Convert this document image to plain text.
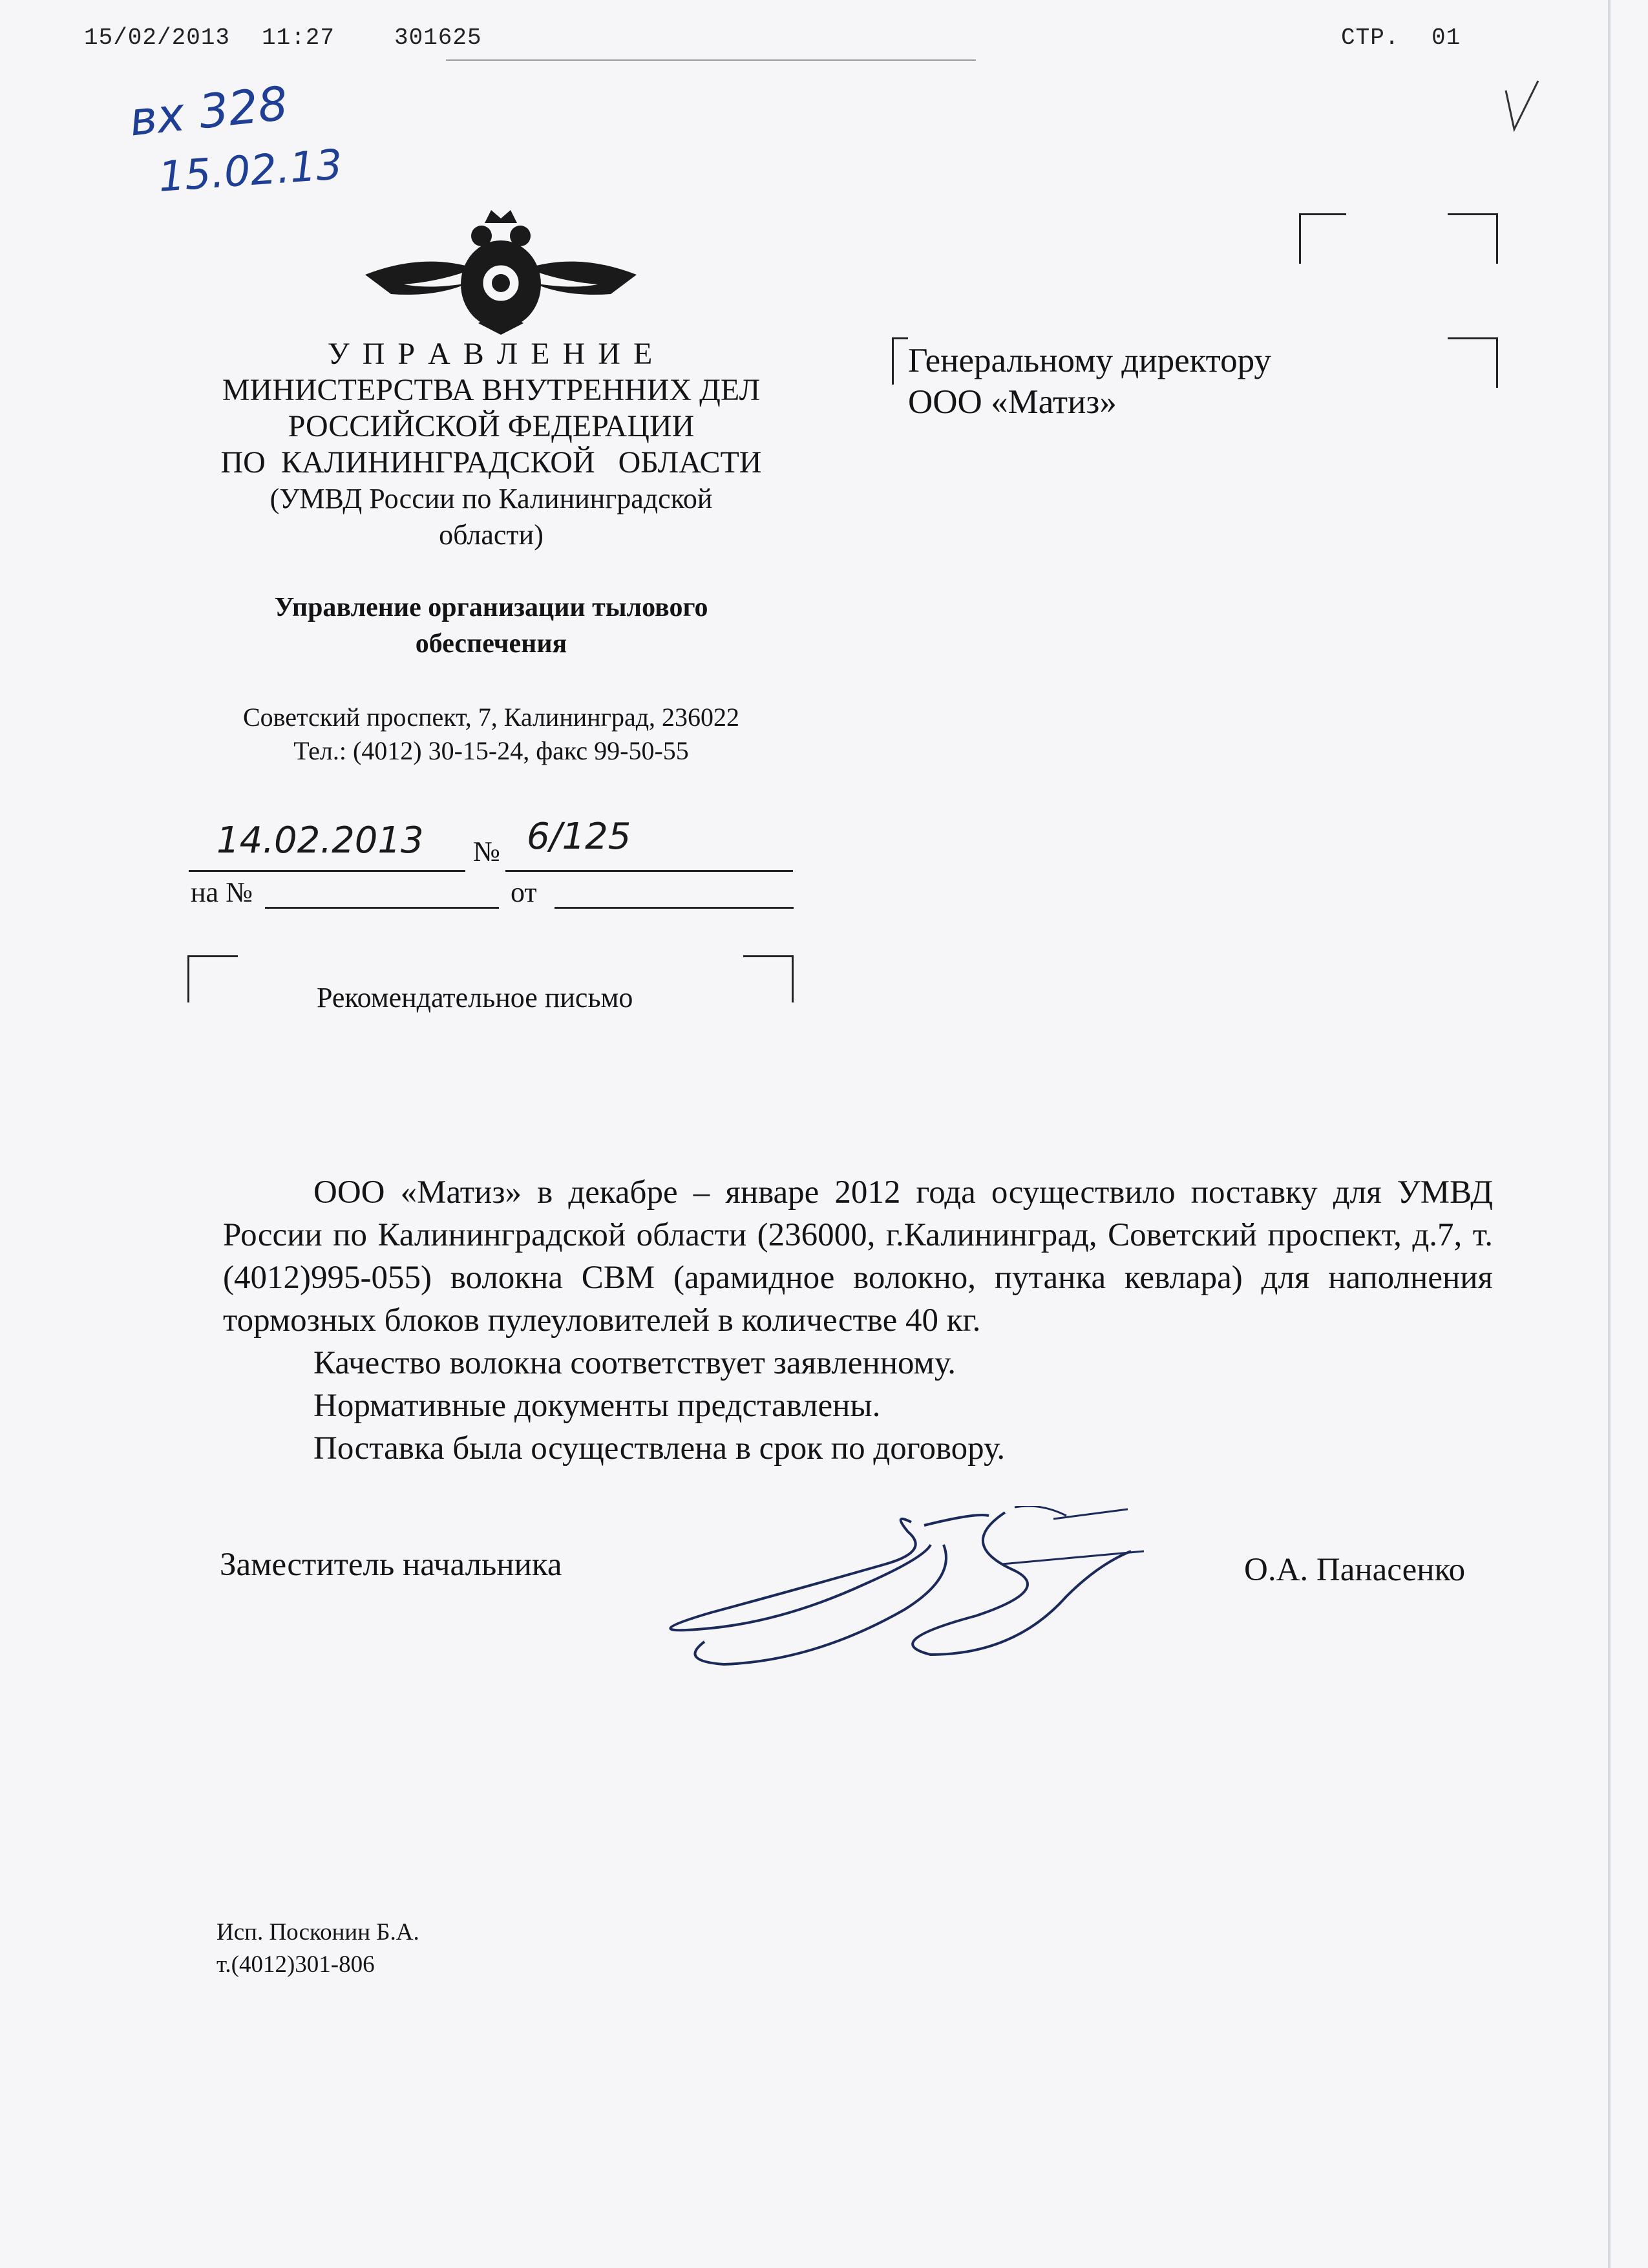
15/02/2013 11:27	301625	СТР. 01
вх 328
15.02.13
У П Р А В Л Е Н И Е
МИНИСТЕРСТВА ВНУТРЕННИХ ДЕЛ
РОССИЙСКОЙ ФЕДЕРАЦИИ
ПО  КАЛИНИНГРАДСКОЙ   ОБЛАСТИ
(УМВД России по Калининградской
области)
Управление организации тылового
обеспечения
Советский проспект, 7, Калининград, 236022
Тел.: (4012) 30-15-24, факс 99-50-55
14.02.2013 № 6/125
на №	от
Рекомендательное письмо
Генеральному директору
ООО «Матиз»
ООО «Матиз» в декабре – январе 2012 года осуществило поставку для УМВД России по Калининградской области (236000, г.Калининград, Советский проспект, д.7, т.(4012)995-055) волокна СВМ (арамидное волокно, путанка кевлара) для наполнения тормозных блоков пулеуловителей в количестве 40 кг.
Качество волокна соответствует заявленному.
Нормативные документы представлены.
Поставка была осуществлена в срок по договору.
Заместитель начальника	О.А. Панасенко
Исп. Посконин Б.А.
т.(4012)301-806
